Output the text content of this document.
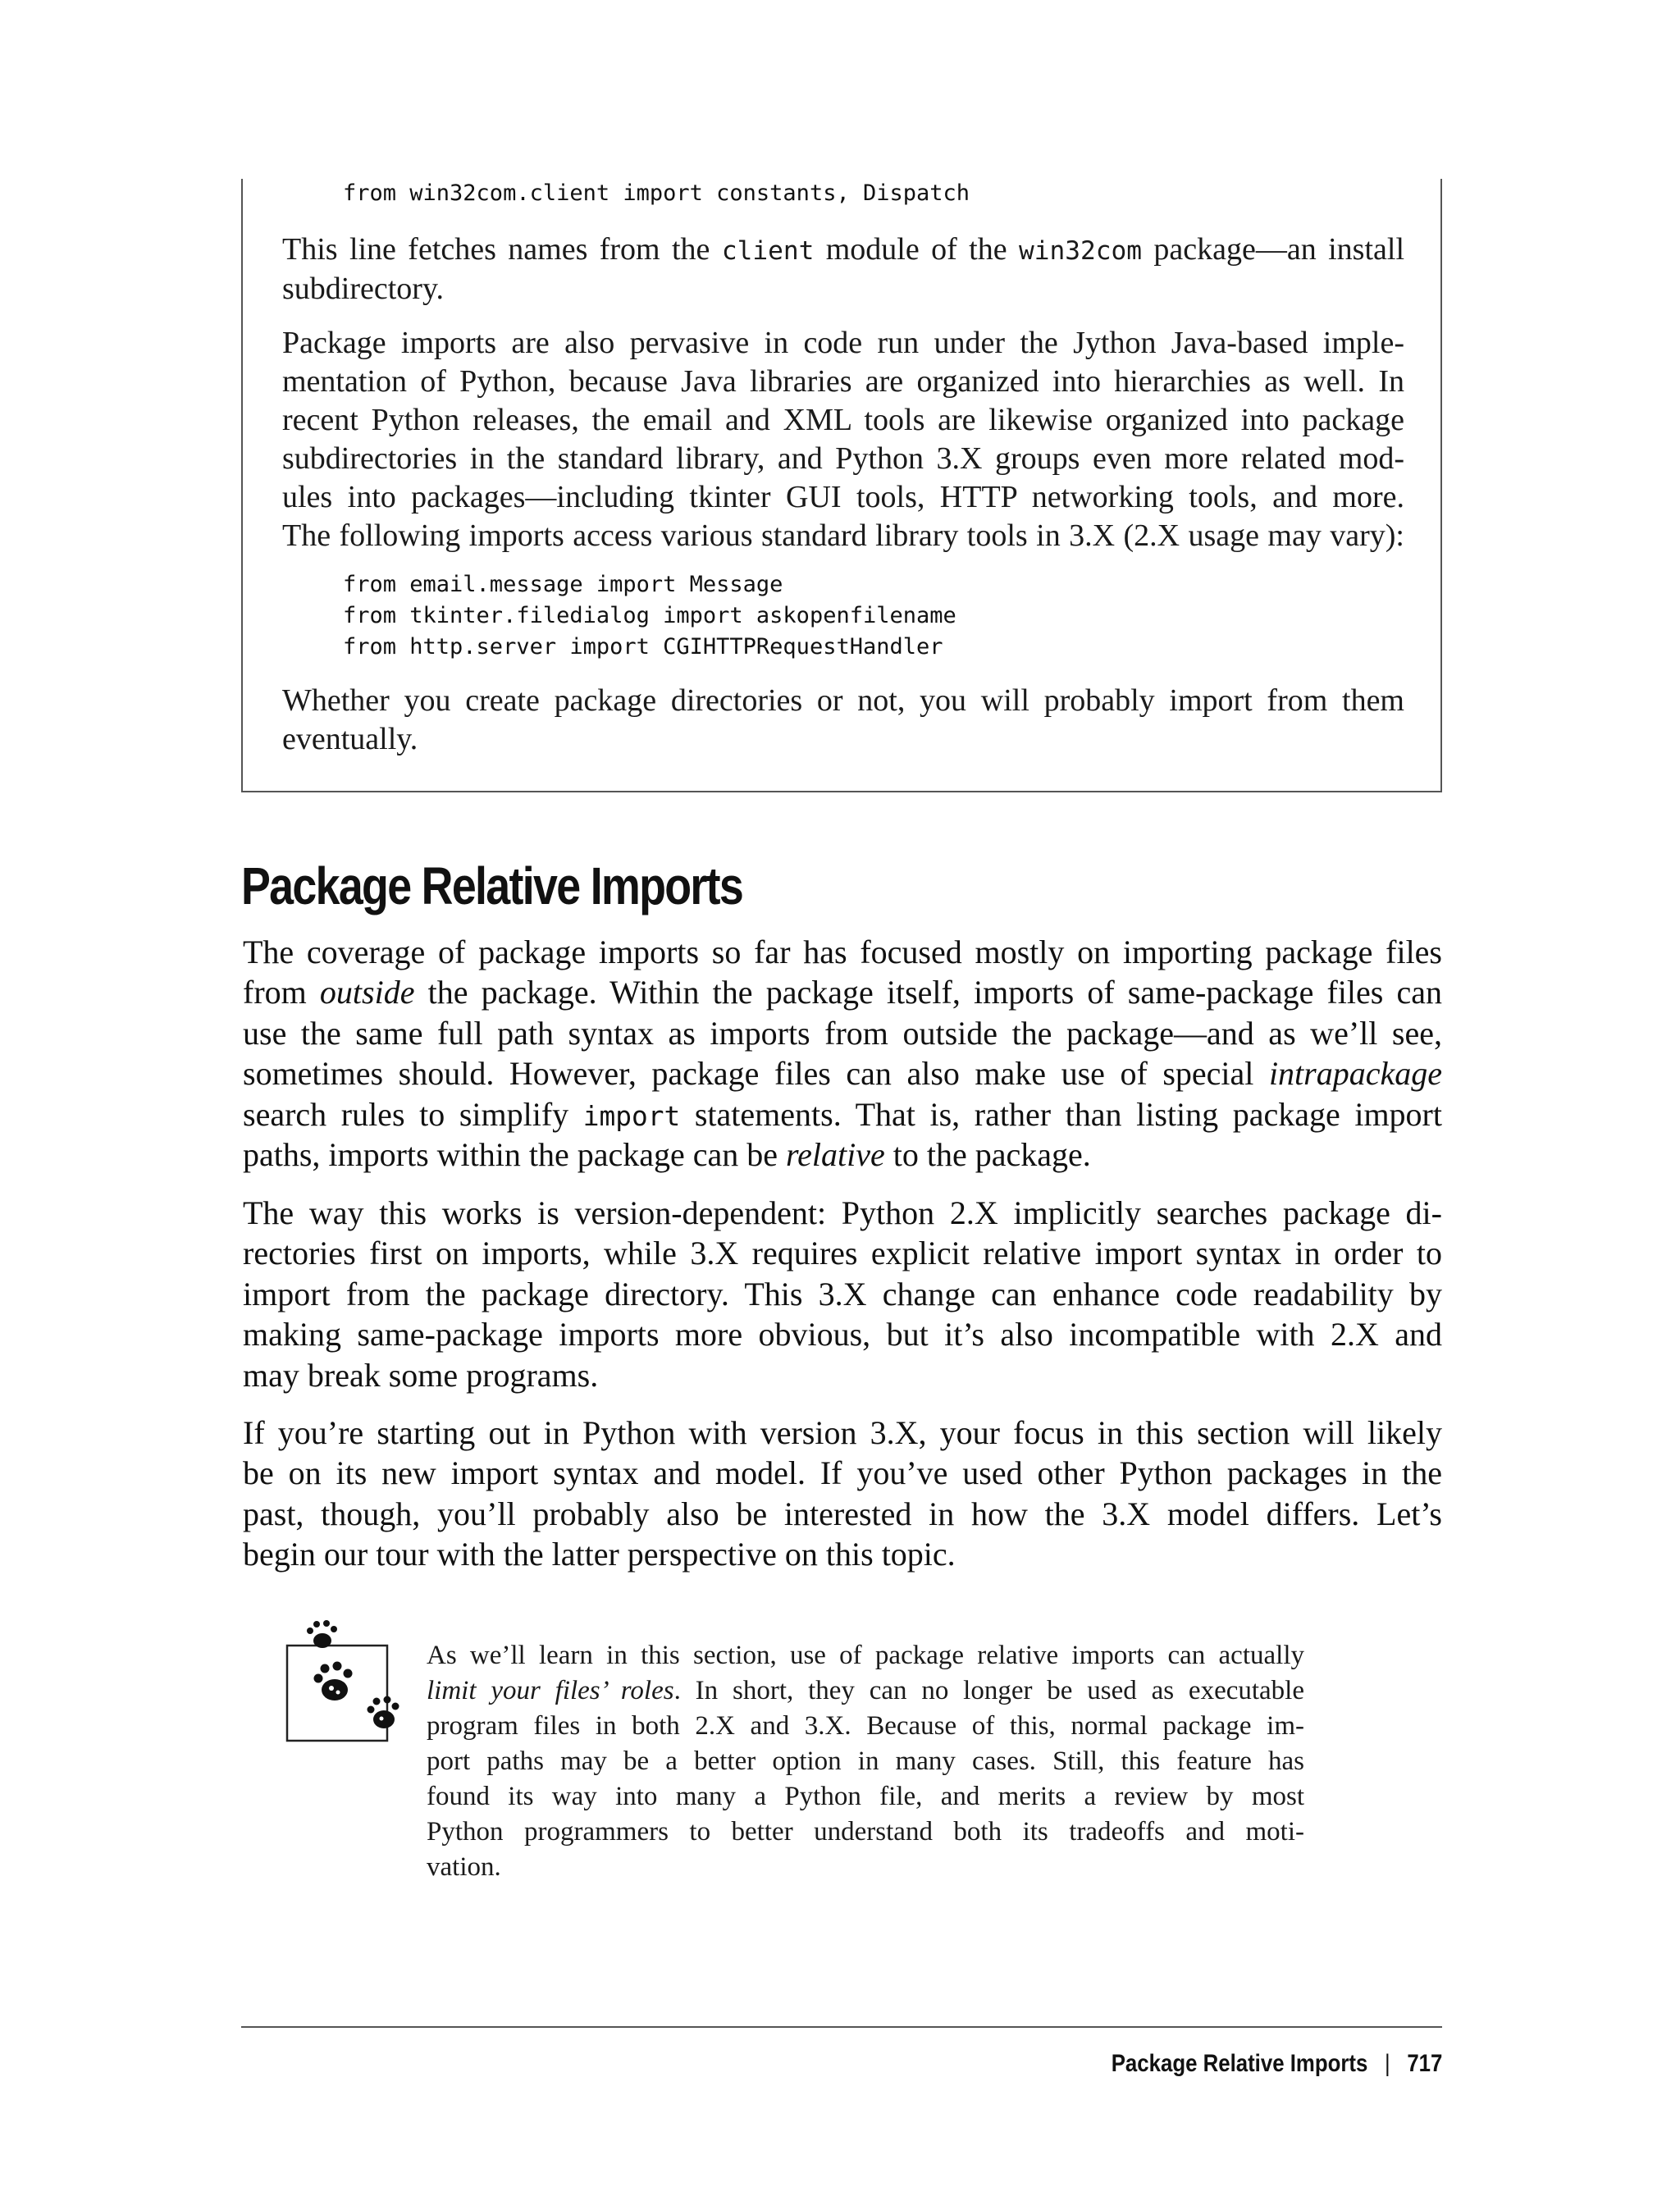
from win32com.client import constants, Dispatch
This line fetches names from the client module of the win32com package—an install
subdirectory.
Package imports are also pervasive in code run under the Jython Java-based imple-
mentation of Python, because Java libraries are organized into hierarchies as well. In
recent Python releases, the email and XML tools are likewise organized into package
subdirectories in the standard library, and Python 3.X groups even more related mod-
ules into packages—including tkinter GUI tools, HTTP networking tools, and more.
The following imports access various standard library tools in 3.X (2.X usage may vary):
from email.message import Message
from tkinter.filedialog import askopenfilename
from http.server import CGIHTTPRequestHandler
Whether you create package directories or not, you will probably import from them
eventually.
Package Relative Imports
The coverage of package imports so far has focused mostly on importing package files
from outside the package. Within the package itself, imports of same-package files can
use the same full path syntax as imports from outside the package—and as we’ll see,
sometimes should. However, package files can also make use of special intrapackage
search rules to simplify import statements. That is, rather than listing package import
paths, imports within the package can be relative to the package.
The way this works is version-dependent: Python 2.X implicitly searches package di-
rectories first on imports, while 3.X requires explicit relative import syntax in order to
import from the package directory. This 3.X change can enhance code readability by
making same-package imports more obvious, but it’s also incompatible with 2.X and
may break some programs.
If you’re starting out in Python with version 3.X, your focus in this section will likely
be on its new import syntax and model. If you’ve used other Python packages in the
past, though, you’ll probably also be interested in how the 3.X model differs. Let’s
begin our tour with the latter perspective on this topic.
As we’ll learn in this section, use of package relative imports can actually
limit your files’ roles. In short, they can no longer be used as executable
program files in both 2.X and 3.X. Because of this, normal package im-
port paths may be a better option in many cases. Still, this feature has
found its way into many a Python file, and merits a review by most
Python programmers to better understand both its tradeoffs and moti-
vation.
Package Relative Imports | 717
